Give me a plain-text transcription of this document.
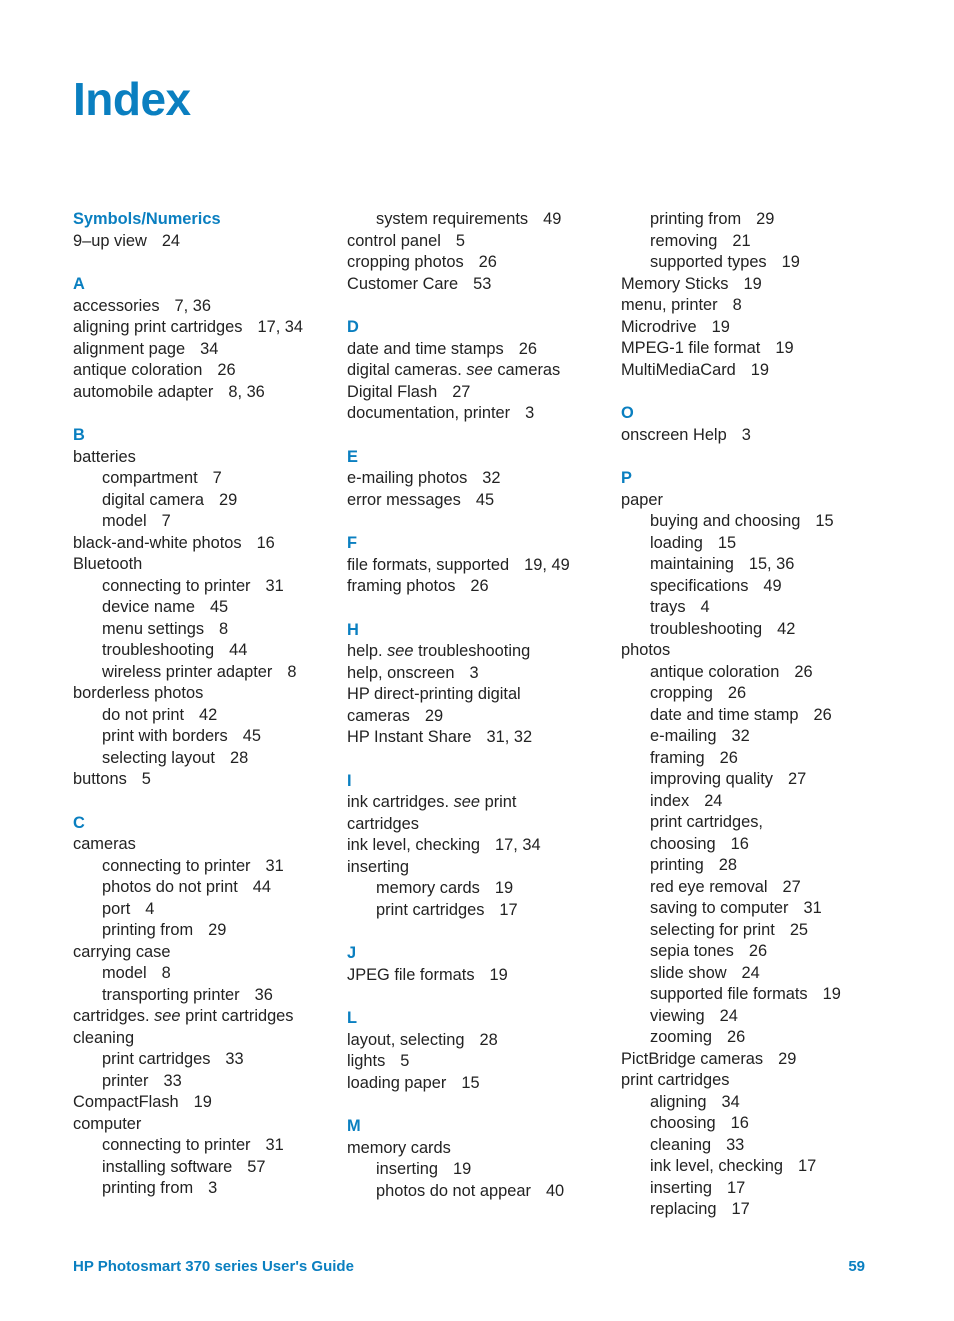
Index
Symbols/Numerics
9–up view 24
A
accessories 7, 36
aligning print cartridges 17, 34
alignment page 34
antique coloration 26
automobile adapter 8, 36
B
batteries
compartment 7
digital camera 29
model 7
black-and-white photos 16
Bluetooth
connecting to printer 31
device name 45
menu settings 8
troubleshooting 44
wireless printer adapter 8
borderless photos
do not print 42
print with borders 45
selecting layout 28
buttons 5
C
cameras
connecting to printer 31
photos do not print 44
port 4
printing from 29
carrying case
model 8
transporting printer 36
cartridges. see print cartridges
cleaning
print cartridges 33
printer 33
CompactFlash 19
computer
connecting to printer 31
installing software 57
printing from 3
system requirements 49
control panel 5
cropping photos 26
Customer Care 53
D
date and time stamps 26
digital cameras. see cameras
Digital Flash 27
documentation, printer 3
E
e-mailing photos 32
error messages 45
F
file formats, supported 19, 49
framing photos 26
H
help. see troubleshooting
help, onscreen 3
HP direct-printing digital
cameras 29
HP Instant Share 31, 32
I
ink cartridges. see print
cartridges
ink level, checking 17, 34
inserting
memory cards 19
print cartridges 17
J
JPEG file formats 19
L
layout, selecting 28
lights 5
loading paper 15
M
memory cards
inserting 19
photos do not appear 40
printing from 29
removing 21
supported types 19
Memory Sticks 19
menu, printer 8
Microdrive 19
MPEG-1 file format 19
MultiMediaCard 19
O
onscreen Help 3
P
paper
buying and choosing 15
loading 15
maintaining 15, 36
specifications 49
trays 4
troubleshooting 42
photos
antique coloration 26
cropping 26
date and time stamp 26
e-mailing 32
framing 26
improving quality 27
index 24
print cartridges,
choosing 16
printing 28
red eye removal 27
saving to computer 31
selecting for print 25
sepia tones 26
slide show 24
supported file formats 19
viewing 24
zooming 26
PictBridge cameras 29
print cartridges
aligning 34
choosing 16
cleaning 33
ink level, checking 17
inserting 17
replacing 17
HP Photosmart 370 series User's Guide	59
